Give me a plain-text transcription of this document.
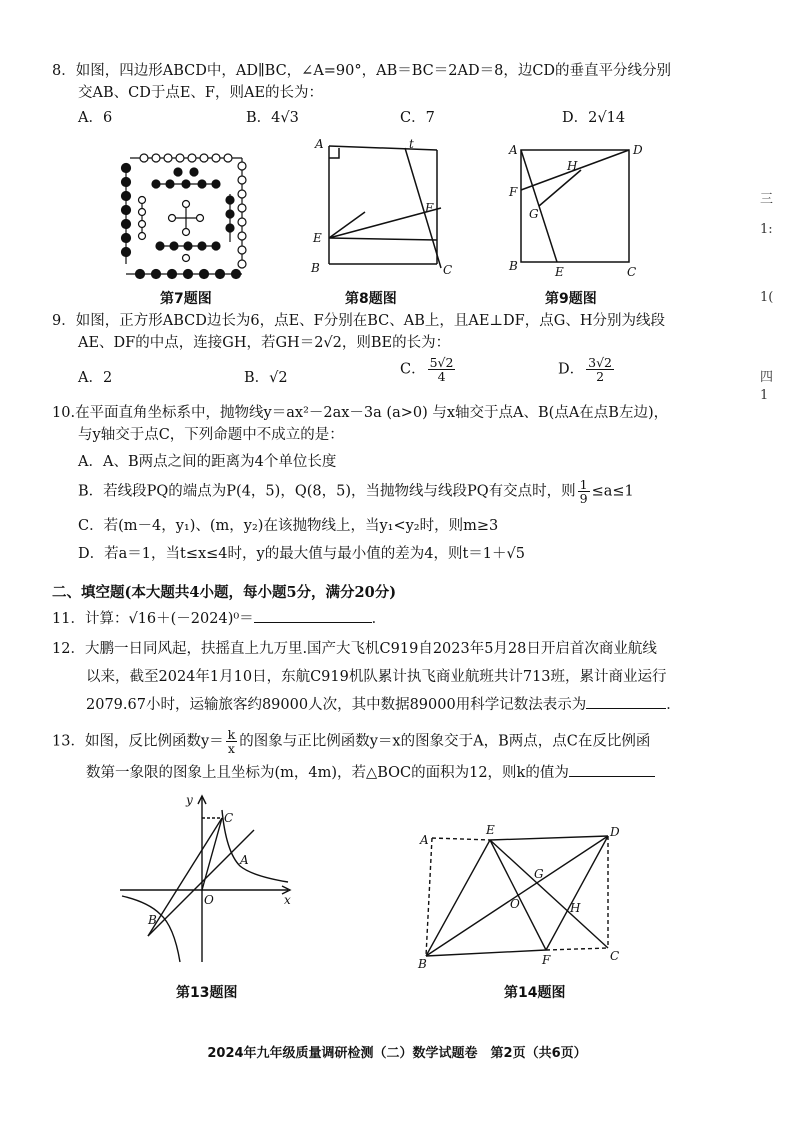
8．如图，四边形ABCD中，AD∥BC，∠A=90°，AB＝BC＝2AD＝8，边CD的垂直平分线分别
交AB、CD于点E、F，则AE的长为：
A．6	B．4√3	C．7	D．2√14
A	t
F
E
B	C
A	D
H
F
G
B	E	C
第7题图	第8题图	第9题图
9．如图，正方形ABCD边长为6，点E、F分别在BC、AB上，且AE⊥DF，点G、H分别为线段
AE、DF的中点，连接GH，若GH＝2√2，则BE的长为：
A．2	B．√2
C． $\frac{5√2}{4}$	D． $\frac{3√2}{2}$
10.在平面直角坐标系中，抛物线y＝ax²－2ax－3a (a>0) 与x轴交于点A、B(点A在点B左边)，
与y轴交于点C，下列命题中不成立的是：
A．A、B两点之间的距离为4个单位长度
B．若线段PQ的端点为P(4，5)，Q(8，5)，当抛物线与线段PQ有交点时，则 $\frac{1}{9} \le a\le 1$
C．若(m－4，y₁)、(m，y₂)在该抛物线上，当y₁<y₂时，则m≥3
D．若a＝1，当t≤x≤4时，y的最大值与最小值的差为4，则t＝1＋√5
二、填空题(本大题共4小题，每小题5分，满分20分)
11．计算：√16＋(－2024)⁰＝	．
12．大鹏一日同风起，扶摇直上九万里.国产大飞机C919自2023年5月28日开启首次商业航线
以来，截至2024年1月10日，东航C919机队累计执飞商业航班共计713班，累计商业运行
2079.67小时，运输旅客约89000人次，其中数据89000用科学记数法表示为	．
13．如图，反比例函数$y= \frac{k}{x}$ 的图象与正比例函数y＝x的图象交于A，B两点，点C在反比例函
数第一象限的图象上且坐标为(m，4m)，若△BOC的面积为12，则k的值为
y
C
A
O	x
B
A
E	D
G
O	H
B	F	C
第13题图	第14题图
2024年九年级质量调研检测（二）数学试题卷　第2页（共6页）
三
1:
1(
四
1
